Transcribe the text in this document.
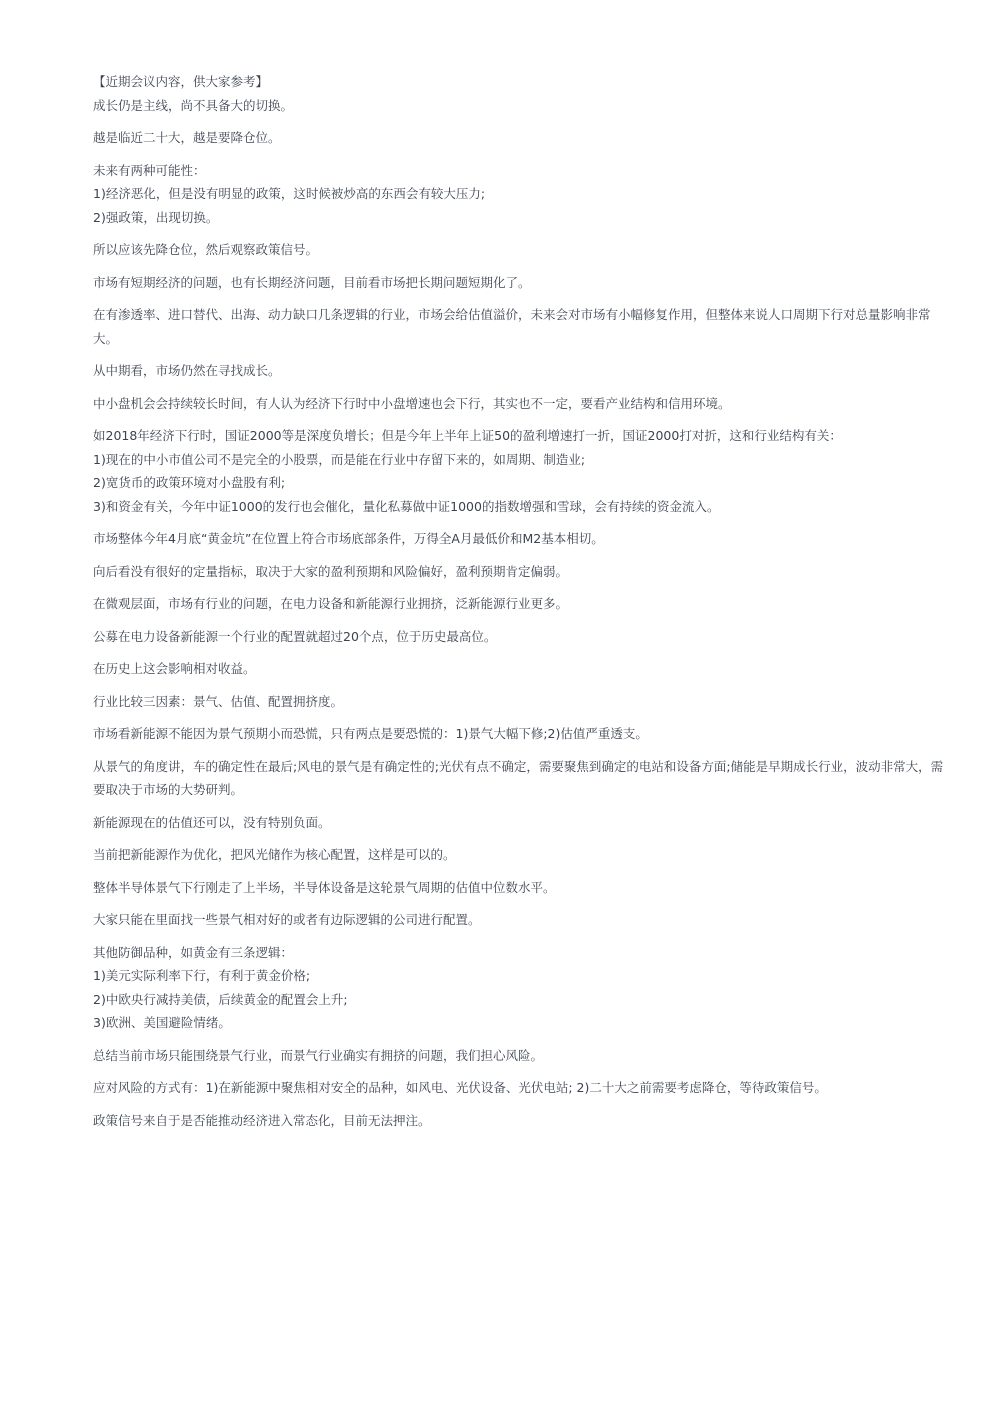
【近期会议内容，供大家参考】
成长仍是主线，尚不具备大的切换。
越是临近二十大，越是要降仓位。
未来有两种可能性：
1)经济恶化，但是没有明显的政策，这时候被炒高的东西会有较大压力;
2)强政策，出现切换。
所以应该先降仓位，然后观察政策信号。
市场有短期经济的问题，也有长期经济问题，目前看市场把长期问题短期化了。
在有渗透率、进口替代、出海、动力缺口几条逻辑的行业，市场会给估值溢价，未来会对市场有小幅修复作用，但整体来说人口周期下行对总量影响非常大。
从中期看，市场仍然在寻找成长。
中小盘机会会持续较长时间，有人认为经济下行时中小盘增速也会下行，其实也不一定，要看产业结构和信用环境。
如2018年经济下行时，国证2000等是深度负增长；但是今年上半年上证50的盈利增速打一折，国证2000打对折，这和行业结构有关：
1)现在的中小市值公司不是完全的小股票，而是能在行业中存留下来的，如周期、制造业;
2)宽货币的政策环境对小盘股有利;
3)和资金有关，今年中证1000的发行也会催化，量化私募做中证1000的指数增强和雪球，会有持续的资金流入。
市场整体今年4月底“黄金坑”在位置上符合市场底部条件，万得全A月最低价和M2基本相切。
向后看没有很好的定量指标，取决于大家的盈利预期和风险偏好，盈利预期肯定偏弱。
在微观层面，市场有行业的问题，在电力设备和新能源行业拥挤，泛新能源行业更多。
公募在电力设备新能源一个行业的配置就超过20个点，位于历史最高位。
在历史上这会影响相对收益。
行业比较三因素：景气、估值、配置拥挤度。
市场看新能源不能因为景气预期小而恐慌，只有两点是要恐慌的：1)景气大幅下修;2)估值严重透支。
从景气的角度讲，车的确定性在最后;风电的景气是有确定性的;光伏有点不确定，需要聚焦到确定的电站和设备方面;储能是早期成长行业，波动非常大，需要取决于市场的大势研判。
新能源现在的估值还可以，没有特别负面。
当前把新能源作为优化，把风光储作为核心配置，这样是可以的。
整体半导体景气下行刚走了上半场，半导体设备是这轮景气周期的估值中位数水平。
大家只能在里面找一些景气相对好的或者有边际逻辑的公司进行配置。
其他防御品种，如黄金有三条逻辑：
1)美元实际利率下行，有利于黄金价格;
2)中欧央行减持美债，后续黄金的配置会上升;
3)欧洲、美国避险情绪。
总结当前市场只能围绕景气行业，而景气行业确实有拥挤的问题，我们担心风险。
应对风险的方式有：1)在新能源中聚焦相对安全的品种，如风电、光伏设备、光伏电站; 2)二十大之前需要考虑降仓，等待政策信号。
政策信号来自于是否能推动经济进入常态化，目前无法押注。
